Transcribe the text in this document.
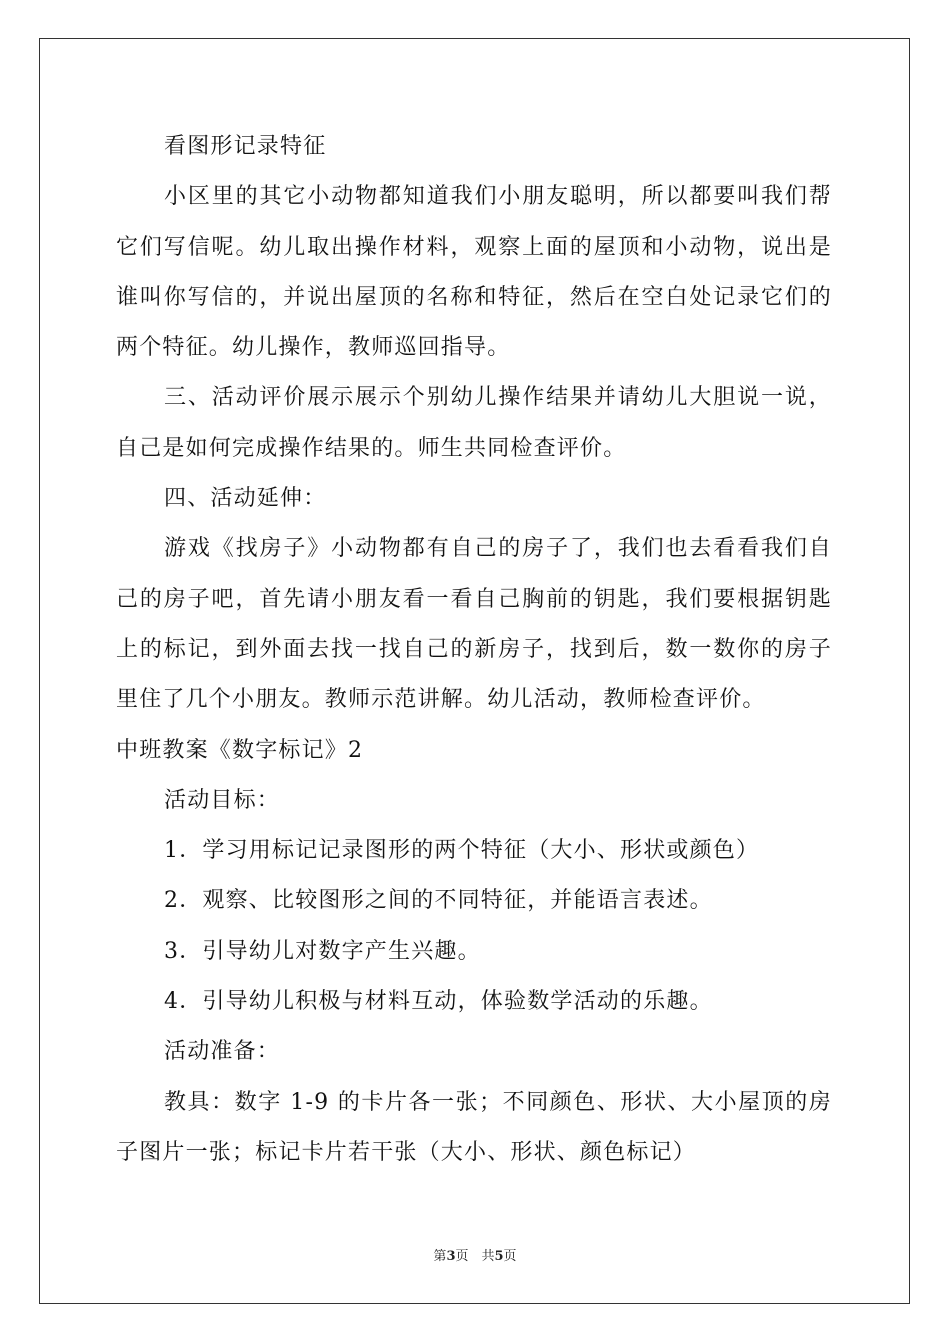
看图形记录特征

小区里的其它小动物都知道我们小朋友聪明，所以都要叫我们帮它们写信呢。幼儿取出操作材料，观察上面的屋顶和小动物，说出是谁叫你写信的，并说出屋顶的名称和特征，然后在空白处记录它们的两个特征。幼儿操作，教师巡回指导。

三、活动评价展示展示个别幼儿操作结果并请幼儿大胆说一说，自己是如何完成操作结果的。师生共同检查评价。

四、活动延伸：

游戏《找房子》小动物都有自己的房子了，我们也去看看我们自己的房子吧，首先请小朋友看一看自己胸前的钥匙，我们要根据钥匙上的标记，到外面去找一找自己的新房子，找到后，数一数你的房子里住了几个小朋友。教师示范讲解。幼儿活动，教师检查评价。

中班教案《数字标记》2

活动目标：

1．学习用标记记录图形的两个特征（大小、形状或颜色）

2．观察、比较图形之间的不同特征，并能语言表述。

3．引导幼儿对数字产生兴趣。

4．引导幼儿积极与材料互动，体验数学活动的乐趣。

活动准备：

教具：数字 1-9 的卡片各一张；不同颜色、形状、大小屋顶的房子图片一张；标记卡片若干张（大小、形状、颜色标记）

第3页　共5页
